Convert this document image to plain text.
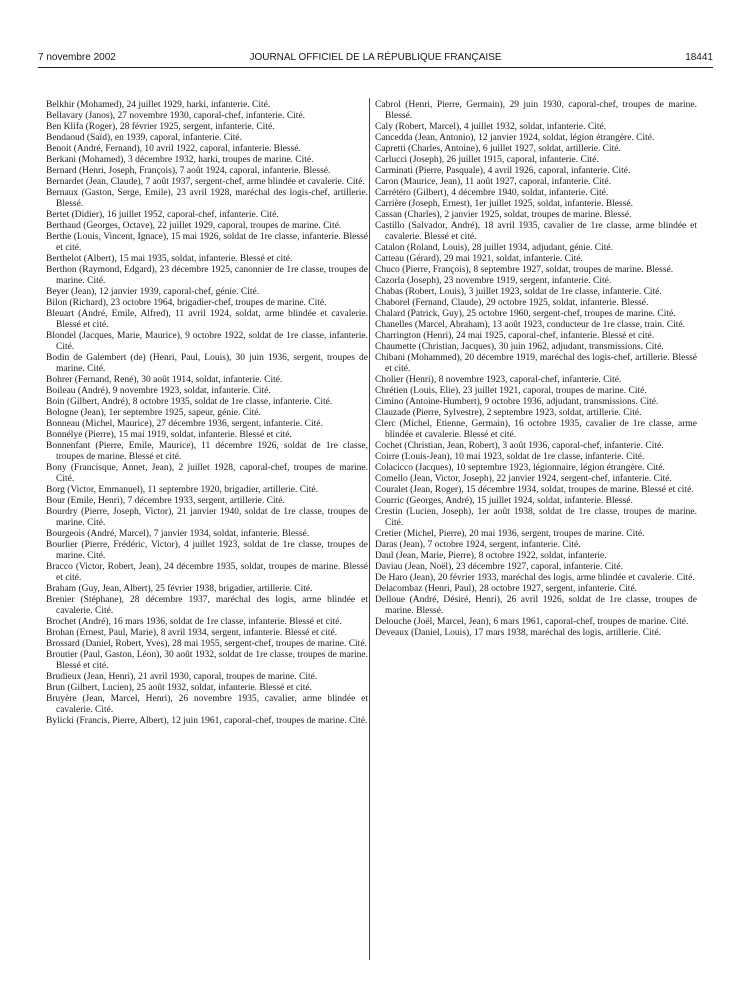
7 novembre 2002	JOURNAL OFFICIEL DE LA RÉPUBLIQUE FRANÇAISE	18441

Belkhir (Mohamed), 24 juillet 1929, harki, infanterie. Cité.

Bellavary (Janos), 27 novembre 1930, caporal-chef, infanterie. Cité.

Ben Klifa (Roger), 28 février 1925, sergent, infanterie. Cité.

Bendaoud (Saïd), en 1939, caporal, infanterie. Cité.

Benoit (André, Fernand), 10 avril 1922, caporal, infanterie. Blessé.

Berkani (Mohamed), 3 décembre 1932, harki, troupes de marine. Cité.

Bernard (Henri, Joseph, François), 7 août 1924, caporal, infanterie. Blessé.

Bernardet (Jean, Claude), 7 août 1937, sergent-chef, arme blindée et cavalerie. Cité.

Bernaux (Gaston, Serge, Emile), 23 avril 1928, maréchal des logis-chef, artillerie. Blessé.

Bertet (Didier), 16 juillet 1952, caporal-chef, infanterie. Cité.

Berthaud (Georges, Octave), 22 juillet 1929, caporal, troupes de marine. Cité.

Berthe (Louis, Vincent, Ignace), 15 mai 1926, soldat de 1re classe, infanterie. Blessé et cité.

Berthelot (Albert), 15 mai 1935, soldat, infanterie. Blessé et cité.

Berthon (Raymond, Edgard), 23 décembre 1925, canonnier de 1re classe, troupes de marine. Cité.

Beyer (Jean), 12 janvier 1939, caporal-chef, génie. Cité.

Bilon (Richard), 23 octobre 1964, brigadier-chef, troupes de marine. Cité.

Bleuart (André, Emile, Alfred), 11 avril 1924, soldat, arme blindée et cavalerie. Blessé et cité.

Blondel (Jacques, Marie, Maurice), 9 octobre 1922, soldat de 1re classe, infanterie. Cité.

Bodin de Galembert (de) (Henri, Paul, Louis), 30 juin 1936, sergent, troupes de marine. Cité.

Bohrer (Fernand, René), 30 août 1914, soldat, infanterie. Cité.

Boileau (André), 9 novembre 1923, soldat, infanterie. Cité.

Boin (Gilbert, André), 8 octobre 1935, soldat de 1re classe, infanterie. Cité.

Bologne (Jean), 1er septembre 1925, sapeur, génie. Cité.

Bonneau (Michel, Maurice), 27 décembre 1936, sergent, infanterie. Cité.

Bonnélye (Pierre), 15 mai 1919, soldat, infanterie. Blessé et cité.

Bonnenfant (Pierre, Emile, Maurice), 11 décembre 1926, soldat de 1re classe, troupes de marine. Blessé et cité.

Bony (Francisque, Annet, Jean), 2 juillet 1928, caporal-chef, troupes de marine. Cité.

Borg (Victor, Emmanuel), 11 septembre 1920, brigadier, artillerie. Cité.

Bour (Emile, Henri), 7 décembre 1933, sergent, artillerie. Cité.

Bourdry (Pierre, Joseph, Victor), 21 janvier 1940, soldat de 1re classe, troupes de marine. Cité.

Bourgeois (André, Marcel), 7 janvier 1934, soldat, infanterie. Blessé.

Bourlier (Pierre, Frédéric, Victor), 4 juillet 1923, soldat de 1re classe, troupes de marine. Cité.

Bracco (Victor, Robert, Jean), 24 décembre 1935, soldat, troupes de marine. Blessé et cité.

Braham (Guy, Jean, Albert), 25 février 1938, brigadier, artillerie. Cité.

Brenier (Stéphane), 28 décembre 1937, maréchal des logis, arme blindée et cavalerie. Cité.

Brochet (André), 16 mars 1936, soldat de 1re classe, infanterie. Blessé et cité.

Brohan (Ernest, Paul, Marie), 8 avril 1934, sergent, infanterie. Blessé et cité.

Brossard (Daniel, Robert, Yves), 28 mai 1955, sergent-chef, troupes de marine. Cité.

Broutier (Paul, Gaston, Léon), 30 août 1932, soldat de 1re classe, troupes de marine. Blessé et cité.

Brudieux (Jean, Henri), 21 avril 1930, caporal, troupes de marine. Cité.

Brun (Gilbert, Lucien), 25 août 1932, soldat, infanterie. Blessé et cité.

Bruyère (Jean, Marcel, Henri), 26 novembre 1935, cavalier, arme blindée et cavalerie. Cité.

Bylicki (Francis, Pierre, Albert), 12 juin 1961, caporal-chef, troupes de marine. Cité.

Cabrol (Henri, Pierre, Germain), 29 juin 1930, caporal-chef, troupes de marine. Blessé.

Caly (Robert, Marcel), 4 juillet 1932, soldat, infanterie. Cité.

Cancedda (Jean, Antonio), 12 janvier 1924, soldat, légion étrangère. Cité.

Capretti (Charles, Antoine), 6 juillet 1927, soldat, artillerie. Cité.

Carlucci (Joseph), 26 juillet 1915, caporal, infanterie. Cité.

Carminati (Pierre, Pasquale), 4 avril 1926, caporal, infanterie. Cité.

Caron (Maurice, Jean), 11 août 1927, caporal, infanterie. Cité.

Carrétéro (Gilbert), 4 décembre 1940, soldat, infanterie. Cité.

Carrière (Joseph, Ernest), 1er juillet 1925, soldat, infanterie. Blessé.

Cassan (Charles), 2 janvier 1925, soldat, troupes de marine. Blessé.

Castillo (Salvador, André), 18 avril 1935, cavalier de 1re classe, arme blindée et cavalerie. Blessé et cité.

Catalon (Roland, Louis), 28 juillet 1934, adjudant, génie. Cité.

Catteau (Gérard), 29 mai 1921, soldat, infanterie. Cité.

Chuco (Pierre, François), 8 septembre 1927, soldat, troupes de marine. Blessé.

Cazorla (Joseph), 23 novembre 1919, sergent, infanterie. Cité.

Chabas (Robert, Louis), 3 juillet 1923, soldat de 1re classe, infanterie. Cité.

Chaborel (Fernand, Claude), 29 octobre 1925, soldat, infanterie. Blessé.

Chalard (Patrick, Guy), 25 octobre 1960, sergent-chef, troupes de marine. Cité.

Chanelles (Marcel, Abraham), 13 août 1923, conducteur de 1re classe, train. Cité.

Charrington (Henri), 24 mai 1925, caporal-chef, infanterie. Blessé et cité.

Chaumette (Christian, Jacques), 30 juin 1962, adjudant, transmissions. Cité.

Chibani (Mohammed), 20 décembre 1919, maréchal des logis-chef, artillerie. Blessé et cité.

Cholier (Henri), 8 novembre 1923, caporal-chef, infanterie. Cité.

Chrétien (Louis, Elie), 23 juillet 1921, caporal, troupes de marine. Cité.

Cimino (Antoine-Humbert), 9 octobre 1936, adjudant, transmissions. Cité.

Clauzade (Pierre, Sylvestre), 2 septembre 1923, soldat, artillerie. Cité.

Clerc (Michel, Etienne, Germain), 16 octobre 1935, cavalier de 1re classe, arme blindée et cavalerie. Blessé et cité.

Cochet (Christian, Jean, Robert), 3 août 1936, caporal-chef, infanterie. Cité.

Coirre (Louis-Jean), 10 mai 1923, soldat de 1re classe, infanterie. Cité.

Colacicco (Jacques), 10 septembre 1923, légionnaire, légion étrangère. Cité.

Comello (Jean, Victor, Joseph), 22 janvier 1924, sergent-chef, infanterie. Cité.

Couralet (Jean, Roger), 15 décembre 1934, soldat, troupes de marine. Blessé et cité.

Courric (Georges, André), 15 juillet 1924, soldat, infanterie. Blessé.

Crestin (Lucien, Joseph), 1er août 1938, soldat de 1re classe, troupes de marine. Cité.

Cretier (Michel, Pierre), 20 mai 1936, sergent, troupes de marine. Cité.

Daras (Jean), 7 octobre 1924, sergent, infanterie. Cité.

Daul (Jean, Marie, Pierre), 8 octobre 1922, soldat, infanterie.

Daviau (Jean, Noël), 23 décembre 1927, caporal, infanterie. Cité.

De Haro (Jean), 20 février 1933, maréchal des logis, arme blindée et cavalerie. Cité.

Delacombaz (Henri, Paul), 28 octobre 1927, sergent, infanterie. Cité.

Delloue (André, Désiré, Henri), 26 avril 1926, soldat de 1re classe, troupes de marine. Blessé.

Delouche (Joël, Marcel, Jean), 6 mars 1961, caporal-chef, troupes de marine. Cité.

Deveaux (Daniel, Louis), 17 mars 1938, maréchal des logis, artillerie. Cité.
